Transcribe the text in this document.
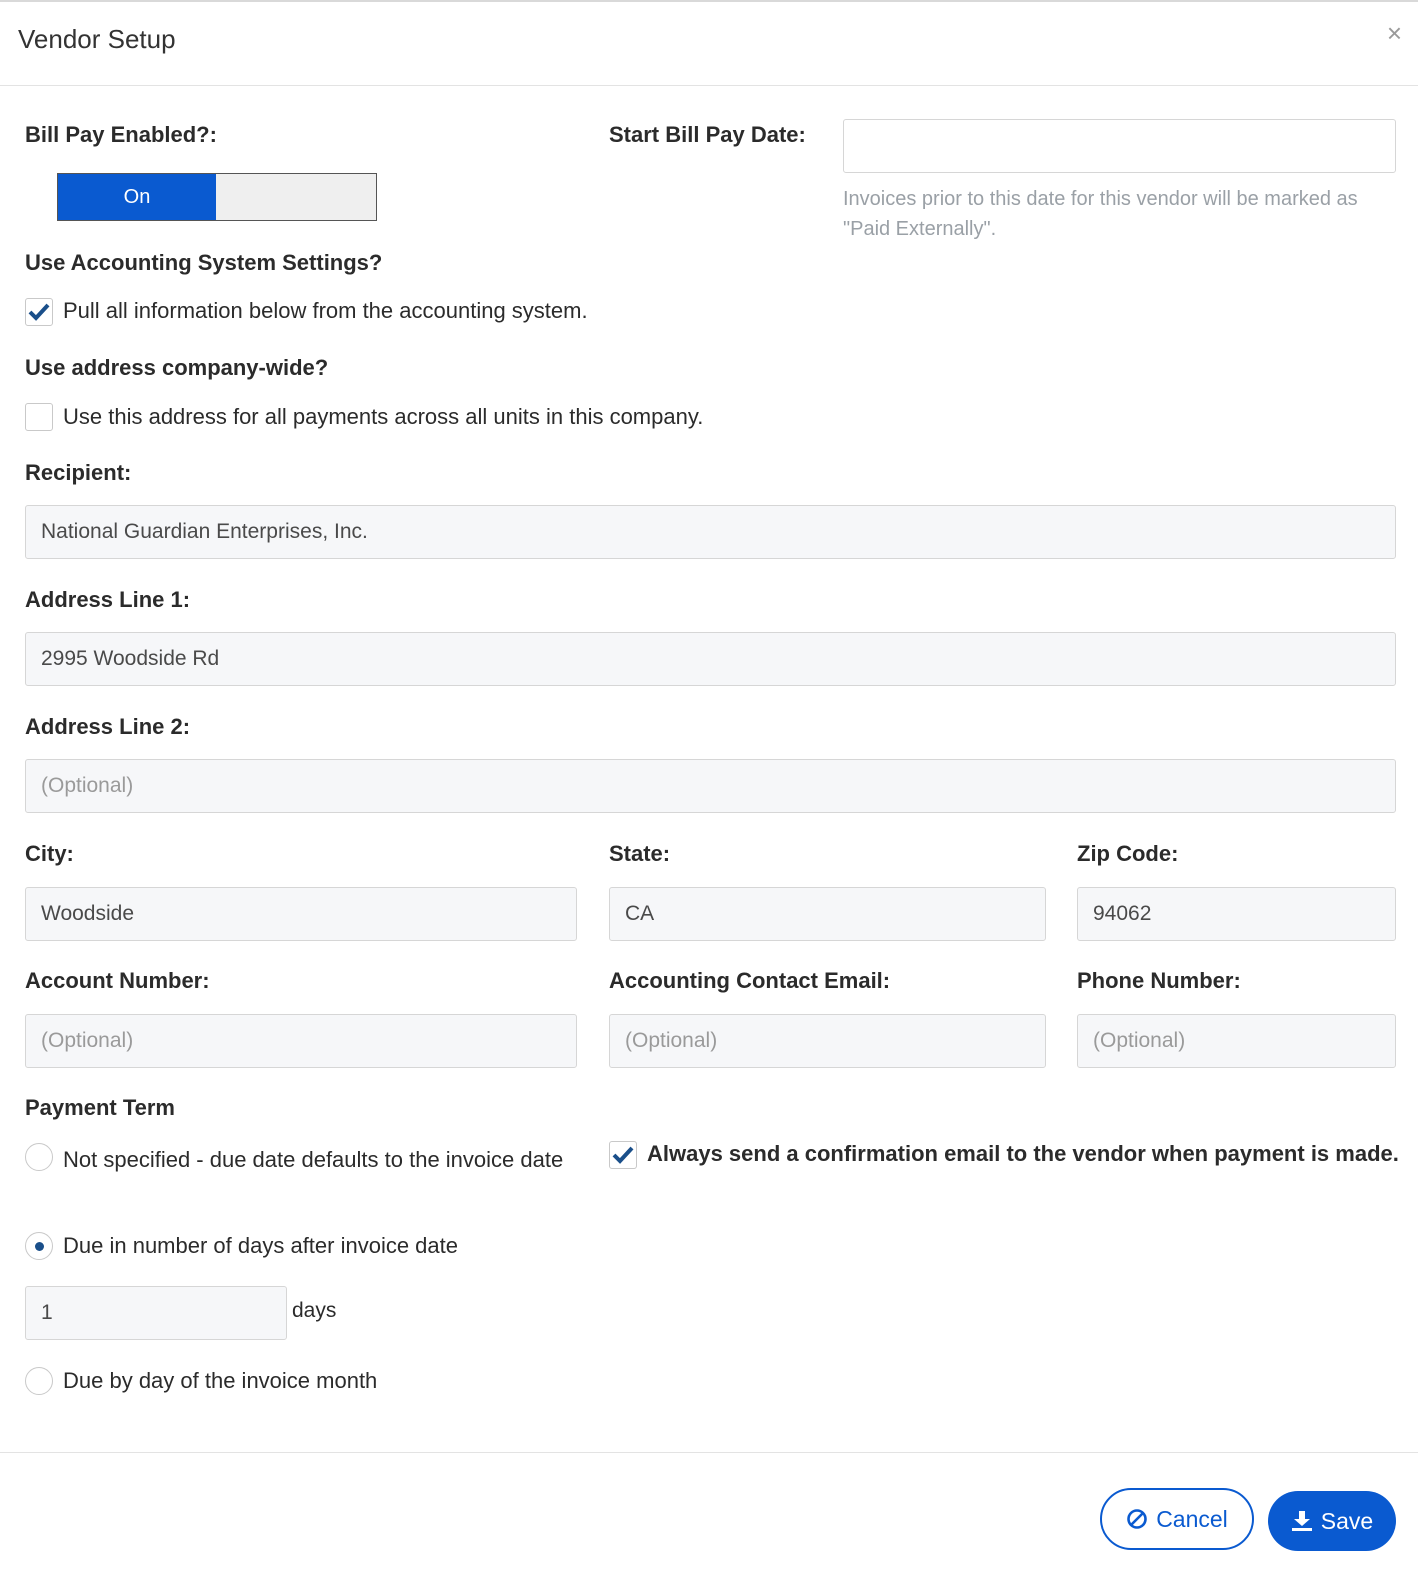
Vendor Setup	×
Bill Pay Enabled?:
On
Start Bill Pay Date:
Invoices prior to this date for this vendor will be marked as "Paid Externally".
Use Accounting System Settings?
Pull all information below from the accounting system.
Use address company-wide?
Use this address for all payments across all units in this company.
Recipient:
National Guardian Enterprises, Inc.
Address Line 1:
2995 Woodside Rd
Address Line 2:
(Optional)
City:
Woodside
State:
CA
Zip Code:
94062
Account Number:
(Optional)
Accounting Contact Email:
(Optional)
Phone Number:
(Optional)
Payment Term
Not specified - due date defaults to the invoice date
Due in number of days after invoice date
1	days
Due by day of the invoice month
Always send a confirmation email to the vendor when payment is made.
Cancel	Save
